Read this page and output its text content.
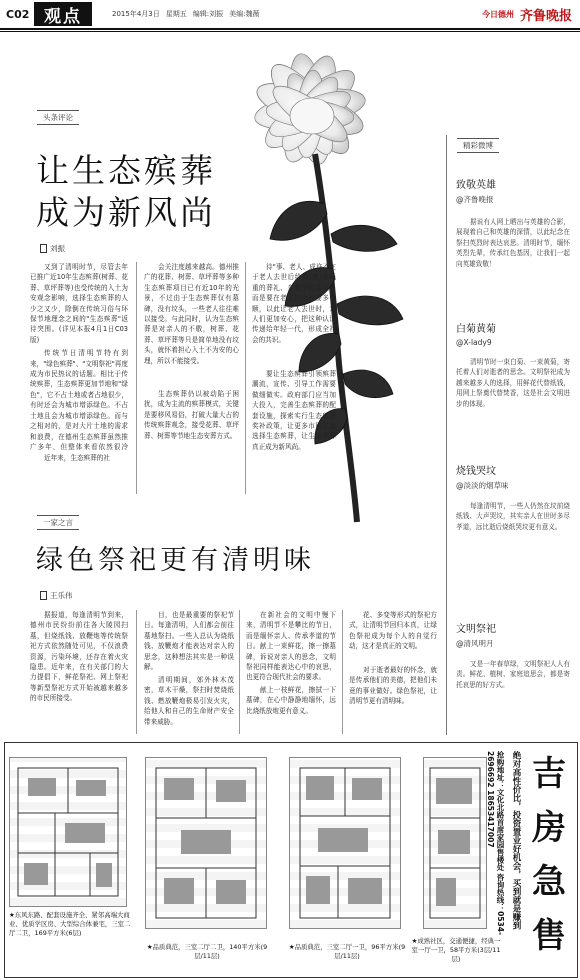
C02 观点	2015年4月3日 星期五 编辑:刘振 美编:魏薇	今日德州 齐鲁晚报
头条评论
让生态殡葬
成为新风尚
刘振

又到了清明时节，尽管去年已推广近10年生态殡葬(树葬、花葬、草坪葬等)也受传统的入土为安观念影响，选择生态殡葬的人少之又少，除倒在传统习俗与环保节地理念之间的"生态殡葬"返待突围。(详见本报4月1日C03版)

传统节日清明节特有到来，"绿色殡葬"、"文明祭祀"再度成为市民热议的话题。相比于传统殡葬，生态殡葬更加节地和"绿色"，它不占土地或者占地很少，有时还会为城市增添绿色。不占土地且会为城市增添绿色。而与之相对的，是对大片土地的需求和浪费，在德州生态殡葬虽然推广多年，但整体来看依然很冷

近年来，生态殡葬的社

会关注度越来越高。德州推广的花葬、树葬、草坪葬等多种生态殡葬项目已有近10年的光景，不过由于生态殡葬仅有墓碑，没有坟头，一些老人往往难以接受。与此同时，认为生态殡葬是对亲人的不敬，树葬、花葬、草坪葬等只是简单地没有坟头，就怀着担心入土不为安的心理，所以不能接受。

生态殡葬仍以被动陷于困扰，成为主流的殡葬模式，关键是要移风易俗，打破大量大占的传统殡葬观念，接受花葬、草坪葬、树葬等节地生态安葬方式。

待"事、老人、成许不在于老人去世后给他(她)多隆重的葬礼、多豪华的墓地，而是要在老人在世时要多孝顺，以此让老人去世时，亲人们更加安心，把这种认识传递给年轻一代，形成全社会的共识。

要让生态殡葬引领殡葬潮流，宣传、引导工作需要做细做实。政府部门应当加大投入，完善生态殡葬的配套设施，探索实行生态殡葬奖补政策，让更多市民主动选择生态殡葬，让生态殡葬真正成为新风尚。

一家之言
绿色祭祀更有清明味
王乐伟

据报道，每逢清明节到来，德州市民纷纷前往各大陵园扫墓，但烧纸钱、放鞭炮等传统祭祀方式依然随处可见，不仅浪费资源，污染环境，还存在着火灾隐患。近年来，在有关部门的大力提倡下，鲜花祭祀、网上祭祀等新型祭祀方式开始被越来越多的市民所接受。

目，也是最重要的祭祀节日。每逢清明，人们都会前往墓地祭扫。一些人总认为烧纸钱、放鞭炮才能表达对亲人的思念，这种想法其实是一种误解。

清明期间，郊外林木茂密，草木干燥，祭扫时焚烧纸钱、燃放鞭炮极易引发火灾，给他人和自己的生命财产安全带来威胁。

在新社会的文明中慢下来，清明节不是攀比的节日，而是缅怀亲人、传承孝道的节日。献上一束鲜花，擦一擦墓碑，诉说对亲人的思念，文明祭祀同样能表达心中的哀思，也更符合现代社会的要求。

献上一枝鲜花，擦拭一下墓碑，在心中静静地缅怀，远比烧纸放炮更有意义。

花、多变等形式的祭祀方式，让清明节回归本真，让绿色祭祀成为每个人的自觉行动，这才是真正的文明。

对于逝者最好的怀念，就是传承他们的美德，把他们未竟的事业做好。绿色祭祀，让清明节更有清明味。

精彩微博
致敬英雄
@齐鲁晚报

据说有人网上晒出与英雄的合影，展现着自己和英雄的深情，以此纪念在祭扫英烈时表达哀思。清明时节，缅怀英烈先辈，传承红色基因，让我们一起向英雄致敬！

白菊黄菊
@X-lady9

清明节时一束白菊、一束黄菊，寄托着人们对逝者的思念。文明祭祀成为越来越多人的选择，用鲜花代替纸钱，用网上祭奠代替焚香，这是社会文明进步的体现。

烧钱哭坟
@淡淡的烟草味

每逢清明节，一些人仍然在坟前烧纸钱、大声哭坟，其实亲人在世时多尽孝道，远比逝后烧纸哭坟更有意义。

文明祭祀
@清风明月

又是一年春草绿，文明祭祀人人有责。鲜花、植树、家庭追思会，都是寄托哀思的好方式。

★东风东路、配套设施齐全、紧邻高端大商业、优质学区房、大型综合体兼宅，三室二厅二卫，169平方米(6层)
★品质典范，三室二厅二卫，140平方米(9层/11层)
★品质典范，三室二厅一卫，96平方米(9层/11层)
★成熟社区，交通便捷，经典一室一厅一卫，58平方米(3层/11层)
绝对高性价比，投资置业好机会，买到就是赚到
抢购地址：文化北路首席家园售楼处 咨询热线：0534-2696692 18653417007 吉
房
急
售
